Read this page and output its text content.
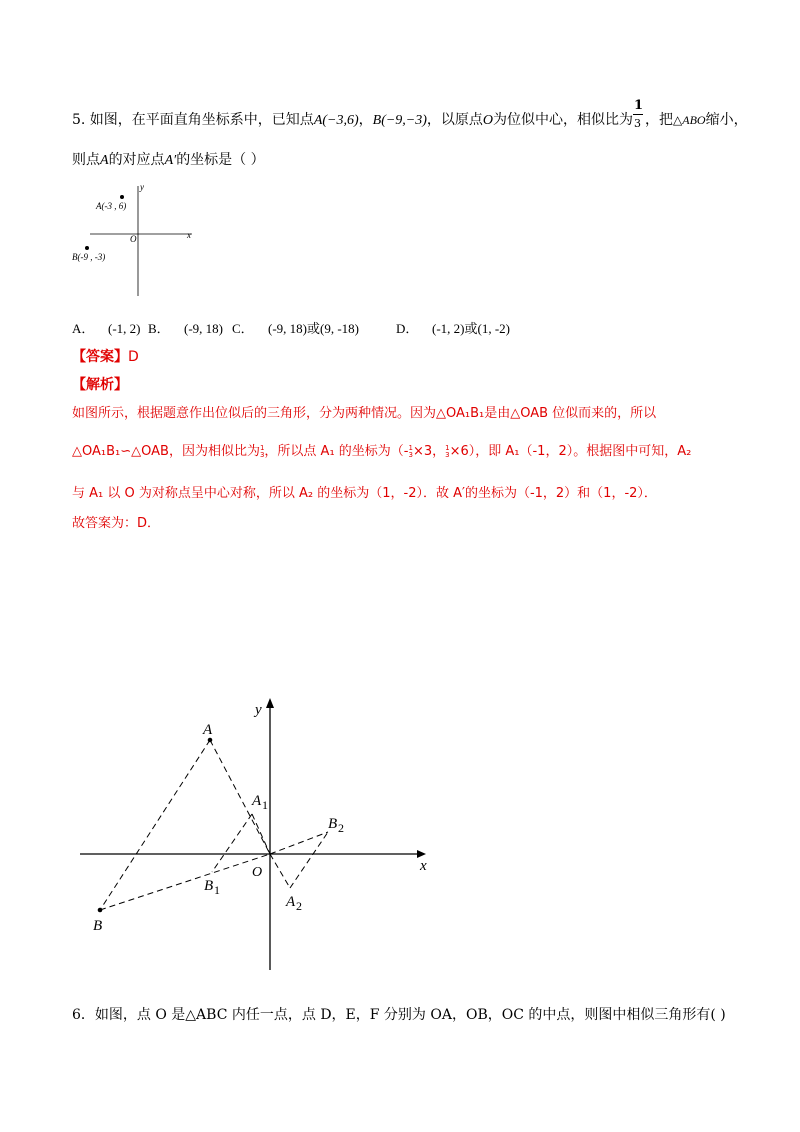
5. 如图，在平面直角坐标系中，已知点A(−3,6)，B(−9,−3)，以原点O为位似中心，相似比为 $\frac{1}{3}$ ，把△ABO缩小，
则点A的对应点A′的坐标是（ ）
y
x
O
A(-3 , 6)
B(-9 , -3)
A． (-1, 2) B． (-9, 18) C． (-9, 18)或(9, -18)	D． (-1, 2)或(1, -2)
【答案】D
【解析】
如图所示，根据题意作出位似后的三角形，分为两种情况。因为△OA₁B₁是由△OAB 位似而来的，所以
△OA₁B₁∽△OAB，因为相似比为1
3，所以点 A₁ 的坐标为（-1
3×3，1
3×6），即 A₁（-1，2）。根据图中可知，A₂
与 A₁ 以 O 为对称点呈中心对称，所以 A₂ 的坐标为（1，-2）．故 A′的坐标为（-1，2）和（1，-2）．
故答案为：D．
y
x
O
A
B
A 1
B 1
A 2
B 2
6．如图，点 O 是△ABC 内任一点，点 D，E，F 分别为 OA，OB，OC 的中点，则图中相似三角形有( )
